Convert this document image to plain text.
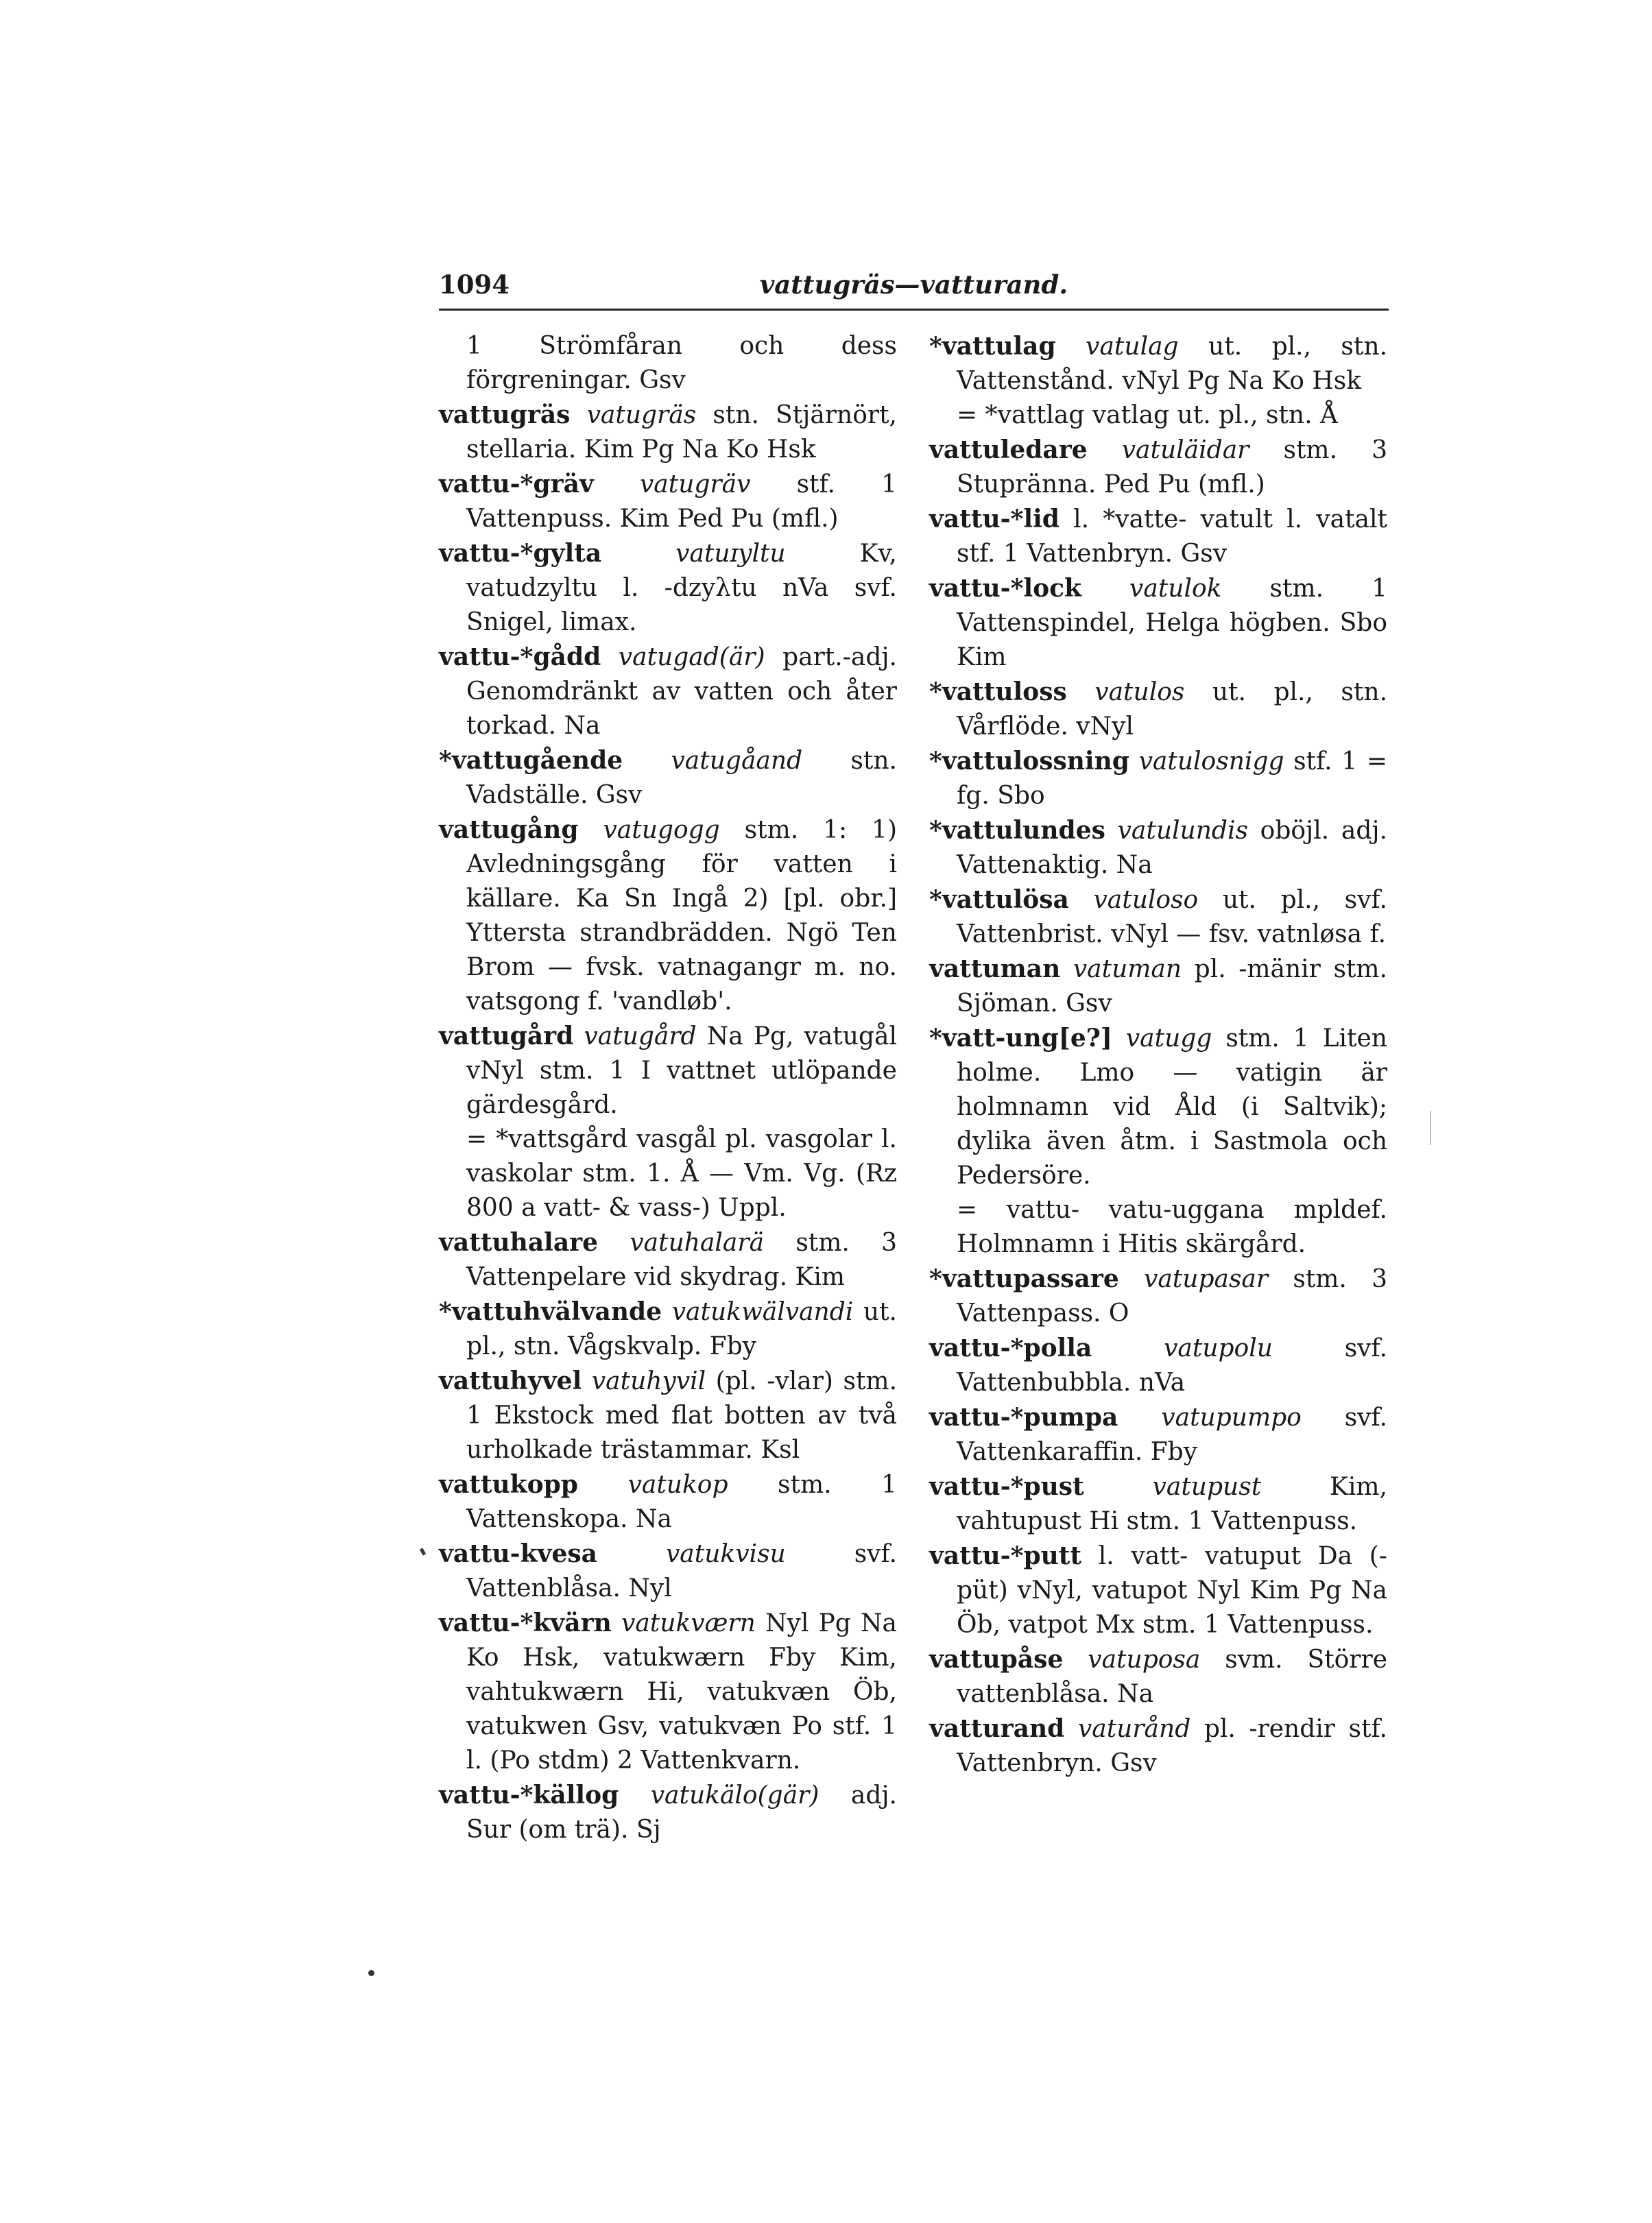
1094	vattugräs—vatturand.

1 Strömfåran och dess förgreningar. Gsv

vattugräs vatugräs stn. Stjärnört, stellaria. Kim Pg Na Ko Hsk

vattu-*gräv vatugräv stf. 1 Vattenpuss. Kim Ped Pu (mfl.)

vattu-*gylta	vatuɪyltu	Kv, vatudzyltu l. -dzyλtu nVa svf. Snigel, limax.

vattu-*gådd vatugad(är) part.-adj. Genomdränkt av vatten och åter torkad. Na

*vattugående vatugåand stn. Vadställe. Gsv

vattugång vatugogg stm. 1: 1) Avledningsgång för vatten i källare. Ka Sn Ingå 2) [pl. obr.] Yttersta strandbrädden. Ngö Ten Brom — fvsk. vatnagangr m. no. vatsgong f. 'vandløb'.

vattugård vatugård Na Pg, vatugål vNyl stm. 1 I vattnet utlöpande gärdesgård.

= *vattsgård vasgål pl. vasgolar l. vaskolar stm. 1. Å — Vm. Vg. (Rz 800 a vatt- & vass-) Uppl.

vattuhalare vatuhalarä stm. 3 Vattenpelare vid skydrag. Kim

*vattuhvälvande vatukwälvandi ut. pl., stn. Vågskvalp. Fby

vattuhyvel vatuhyvil (pl. -vlar) stm. 1 Ekstock med flat botten av två urholkade trästammar. Ksl

vattukopp vatukop stm. 1 Vattenskopa. Na

vattu-kvesa	vatukvisu	svf. Vattenblåsa. Nyl

vattu-*kvärn vatukværn Nyl Pg Na Ko Hsk, vatukwærn Fby Kim, vahtukwærn Hi, vatukvæn Öb, vatukwen Gsv, vatukvæn Po stf. 1 l. (Po stdm) 2 Vattenkvarn.

vattu-*källog vatukälo(gär) adj. Sur (om trä). Sj

*vattulag vatulag ut. pl., stn. Vattenstånd. vNyl Pg Na Ko Hsk

= *vattlag vatlag ut. pl., stn. Å

vattuledare vatuläidar stm. 3 Stupränna. Ped Pu (mfl.)

vattu-*lid l. *vatte- vatult l. vatalt stf. 1 Vattenbryn. Gsv

vattu-*lock vatulok stm. 1 Vattenspindel, Helga högben. Sbo Kim

*vattuloss vatulos ut. pl., stn. Vårflöde. vNyl

*vattulossning vatulosnigg stf. 1 = fg. Sbo

*vattulundes vatulundis oböjl. adj. Vattenaktig. Na

*vattulösa vatuloso ut. pl., svf. Vattenbrist. vNyl — fsv. vatnløsa f.

vattuman vatuman pl. -mänir stm. Sjöman. Gsv

*vatt-ung[e?] vatugg stm. 1 Liten holme. Lmo — vatigin är holmnamn vid Åld (i Saltvik); dylika även åtm. i Sastmola och Pedersöre.

= vattu- vatu-uggana mpldef. Holmnamn i Hitis skärgård.

*vattupassare vatupasar stm. 3 Vattenpass. O

vattu-*polla	vatupolu	svf. Vattenbubbla. nVa

vattu-*pumpa vatupumpo svf. Vattenkaraffin. Fby

vattu-*pust	vatupust	Kim, vahtupust Hi stm. 1 Vattenpuss.

vattu-*putt l. vatt- vatuput Da (-püt) vNyl, vatupot Nyl Kim Pg Na Öb, vatpot Mx stm. 1 Vattenpuss.

vattupåse vatuposa svm. Större vattenblåsa. Na

vatturand vaturånd pl. -rendir stf. Vattenbryn. Gsv
